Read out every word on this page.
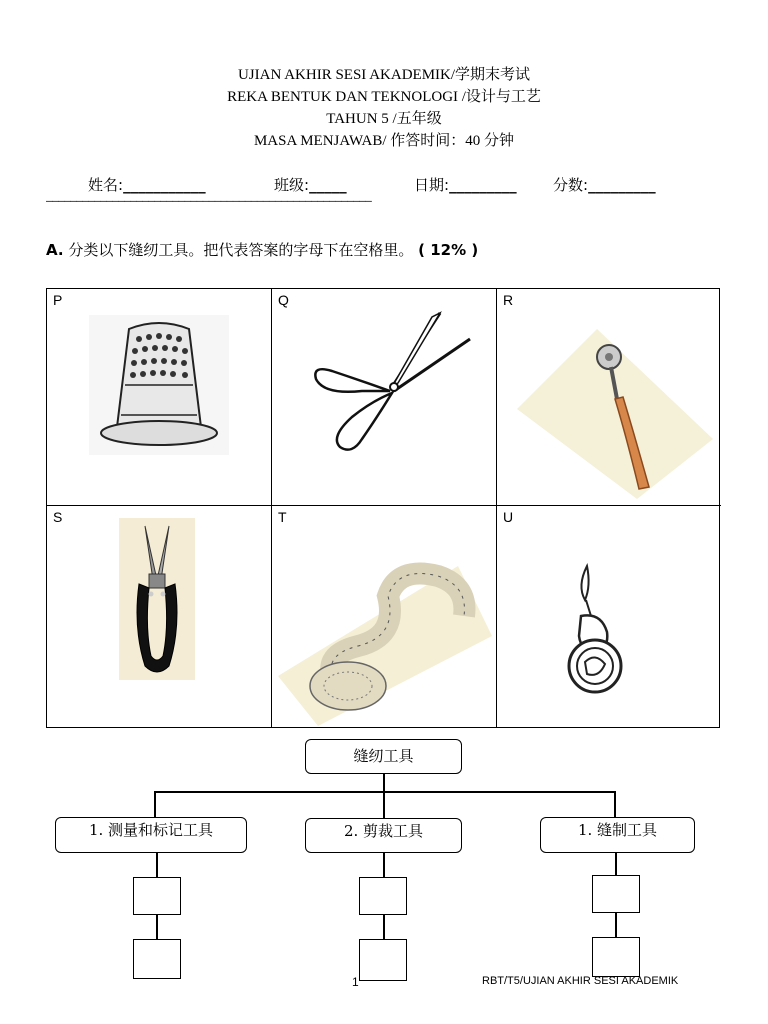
UJIAN AKHIR SESI AKADEMIK/学期末考试
REKA BENTUK DAN TEKNOLOGI /设计与工艺
TAHUN 5 /五年级
MASA MENJAWAB/ 作答时间：40 分钟
姓名:___________	班级:_____	日期:_________ 分数:_________
——————————————————————————————————————————————————————
A. 分类以下缝纫工具。把代表答案的字母下在空格里。 ( 12% )
P	Q	R
S	T	U
缝纫工具
1. 测量和标记工具	2. 剪裁工具	1. 缝制工具
1	RBT/T5/UJIAN AKHIR SESI AKADEMIK
